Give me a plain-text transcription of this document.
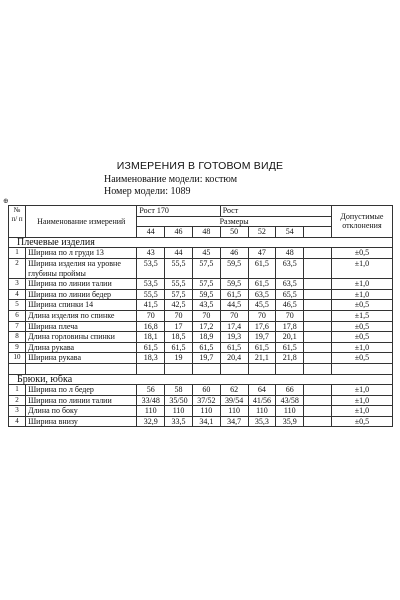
ИЗМЕРЕНИЯ В ГОТОВОМ ВИДЕ
Наименование модели: костюм
Номер модели: 1089
⊕
№ п/ п	Наименование измерений	Рост 170			Рост				Допустимые отклонения
		Размеры							
		44	46	48	50	52	54		
Плечевые изделия									
1	Ширина по л груди 13	43	44	45	46	47	48		±0,5
2	Ширина изделия на уровне глубины проймы	53,5	55,5	57,5	59,5	61,5	63,5		±1,0
3	Ширина по линии талии	53,5	55,5	57,5	59,5	61,5	63,5		±1,0
4	Ширина по линии бедер	55,5	57,5	59,5	61,5	63,5	65,5		±1,0
5	Ширина спинки 14	41,5	42,5	43,5	44,5	45,5	46,5		±0,5
6	Длина изделия по спинке	70	70	70	70	70	70		±1,5
7	Ширина плеча	16,8	17	17,2	17,4	17,6	17,8		±0,5
8	Длина горловины спинки	18,1	18,5	18,9	19,3	19,7	20,1		±0,5
9	Длина рукава	61,5	61,5	61,5	61,5	61,5	61,5		±1,0
10	Ширина рукава	18,3	19	19,7	20,4	21,1	21,8		±0,5

Брюки, юбка									
1	Ширина по л бедер	56	58	60	62	64	66		±1,0
2	Ширина по линии талии	33/48	35/50	37/52	39/54	41/56	43/58		±1,0
3	Длина по боку	110	110	110	110	110	110		±1,0
4	Ширина внизу	32,9	33,5	34,1	34,7	35,3	35,9		±0,5
